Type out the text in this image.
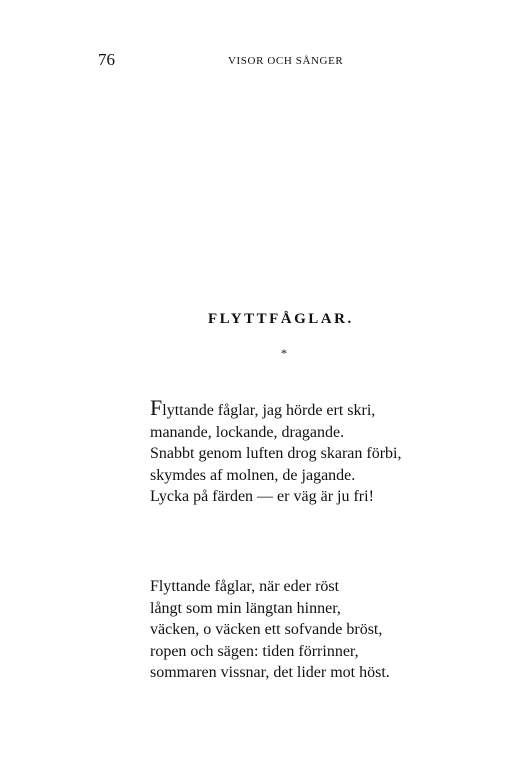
76	VISOR OCH SÅNGER
FLYTTFÅGLAR.
*
Flyttande fåglar, jag hörde ert skri,
manande, lockande, dragande.
Snabbt genom luften drog skaran förbi,
skymdes af molnen, de jagande.
Lycka på färden — er väg är ju fri!
Flyttande fåglar, när eder röst
långt som min längtan hinner,
väcken, o väcken ett sofvande bröst,
ropen och sägen: tiden förrinner,
sommaren vissnar, det lider mot höst.
